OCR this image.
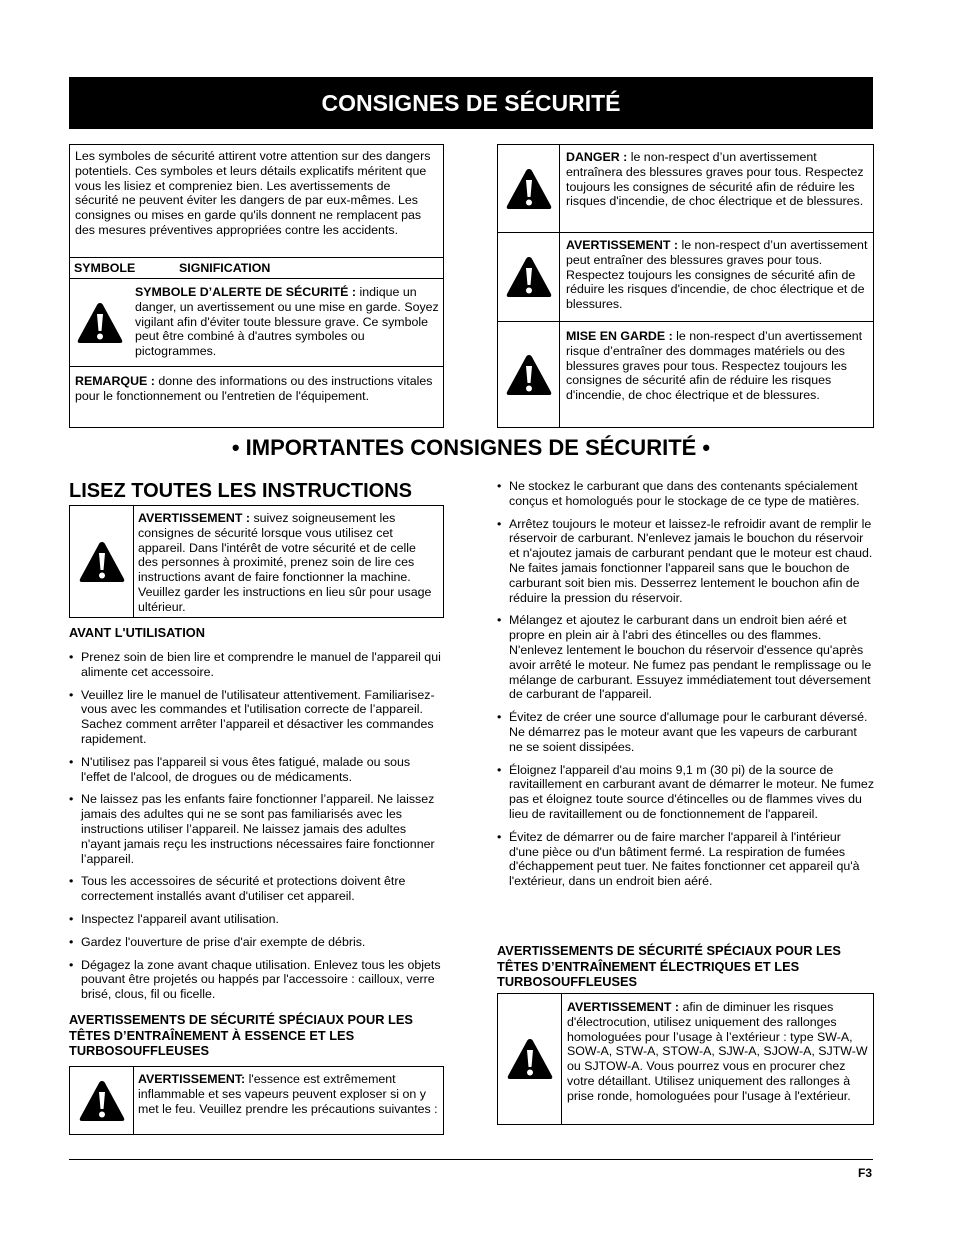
CONSIGNES DE SÉCURITÉ
Les symboles de sécurité attirent votre attention sur des dangers potentiels. Ces symboles et leurs détails explicatifs méritent que vous les lisiez et compreniez bien. Les avertissements de sécurité ne peuvent éviter les dangers de par eux-mêmes. Les consignes ou mises en garde qu'ils donnent ne remplacent pas des mesures préventives appropriées contre les accidents.
SYMBOLE	SIGNIFICATION
SYMBOLE D’ALERTE DE SÉCURITÉ : indique un danger, un avertissement ou une mise en garde. Soyez vigilant afin d'éviter toute blessure grave. Ce symbole peut être combiné à d'autres symboles ou pictogrammes.
REMARQUE : donne des informations ou des instructions vitales pour le fonctionnement ou l'entretien de l'équipement.
DANGER : le non-respect d’un avertissement entraînera des blessures graves pour tous. Respectez toujours les consignes de sécurité afin de réduire les risques d'incendie, de choc électrique et de blessures.
AVERTISSEMENT : le non-respect d’un avertissement peut entraîner des blessures graves pour tous. Respectez toujours les consignes de sécurité afin de réduire les risques d'incendie, de choc électrique et de blessures.
MISE EN GARDE : le non-respect d’un avertissement risque d’entraîner des dommages matériels ou des blessures graves pour tous. Respectez toujours les consignes de sécurité afin de réduire les risques d'incendie, de choc électrique et de blessures.
• IMPORTANTES CONSIGNES DE SÉCURITÉ •
LISEZ TOUTES LES INSTRUCTIONS
AVERTISSEMENT : suivez soigneusement les consignes de sécurité lorsque vous utilisez cet appareil. Dans l'intérêt de votre sécurité et de celle des personnes à proximité, prenez soin de lire ces instructions avant de faire fonctionner la machine. Veuillez garder les instructions en lieu sûr pour usage ultérieur.
AVANT L'UTILISATION
• Prenez soin de bien lire et comprendre le manuel de l'appareil qui alimente cet accessoire.
• Veuillez lire le manuel de l'utilisateur attentivement. Familiarisez-vous avec les commandes et l'utilisation correcte de l’appareil. Sachez comment arrêter l’appareil et désactiver les commandes rapidement.
• N'utilisez pas l'appareil si vous êtes fatigué, malade ou sous l'effet de l'alcool, de drogues ou de médicaments.
• Ne laissez pas les enfants faire fonctionner l’appareil. Ne laissez jamais des adultes qui ne se sont pas familiarisés avec les instructions utiliser l’appareil. Ne laissez jamais des adultes n'ayant jamais reçu les instructions nécessaires faire fonctionner l’appareil.
• Tous les accessoires de sécurité et protections doivent être correctement installés avant d'utiliser cet appareil.
• Inspectez l'appareil avant utilisation.
• Gardez l'ouverture de prise d'air exempte de débris.
• Dégagez la zone avant chaque utilisation. Enlevez tous les objets pouvant être projetés ou happés par l'accessoire : cailloux, verre brisé, clous, fil ou ficelle.
AVERTISSEMENTS DE SÉCURITÉ SPÉCIAUX POUR LES TÊTES D’ENTRAÎNEMENT À ESSENCE ET LES TURBOSOUFFLEUSES
AVERTISSEMENT: l'essence est extrêmement inflammable et ses vapeurs peuvent exploser si on y met le feu. Veuillez prendre les précautions suivantes :
• Ne stockez le carburant que dans des contenants spécialement conçus et homologués pour le stockage de ce type de matières.
• Arrêtez toujours le moteur et laissez-le refroidir avant de remplir le réservoir de carburant. N'enlevez jamais le bouchon du réservoir et n'ajoutez jamais de carburant pendant que le moteur est chaud. Ne faites jamais fonctionner l'appareil sans que le bouchon de carburant soit bien mis. Desserrez lentement le bouchon afin de réduire la pression du réservoir.
• Mélangez et ajoutez le carburant dans un endroit bien aéré et propre en plein air à l'abri des étincelles ou des flammes. N'enlevez lentement le bouchon du réservoir d'essence qu'après avoir arrêté le moteur. Ne fumez pas pendant le remplissage ou le mélange de carburant. Essuyez immédiatement tout déversement de carburant de l'appareil.
• Évitez de créer une source d'allumage pour le carburant déversé. Ne démarrez pas le moteur avant que les vapeurs de carburant ne se soient dissipées.
• Éloignez l'appareil d'au moins 9,1 m (30 pi) de la source de ravitaillement en carburant avant de démarrer le moteur. Ne fumez pas et éloignez toute source d'étincelles ou de flammes vives du lieu de ravitaillement ou de fonctionnement de l'appareil.
• Évitez de démarrer ou de faire marcher l'appareil à l'intérieur d'une pièce ou d'un bâtiment fermé. La respiration de fumées d'échappement peut tuer. Ne faites fonctionner cet appareil qu'à l'extérieur, dans un endroit bien aéré.
AVERTISSEMENTS DE SÉCURITÉ SPÉCIAUX POUR LES TÊTES D’ENTRAÎNEMENT ÉLECTRIQUES ET LES TURBOSOUFFLEUSES
AVERTISSEMENT : afin de diminuer les risques d'électrocution, utilisez uniquement des rallonges homologuées pour l’usage à l’extérieur : type SW-A, SOW-A, STW-A, STOW-A, SJW-A, SJOW-A, SJTW-W ou SJTOW-A. Vous pourrez vous en procurer chez votre détaillant. Utilisez uniquement des rallonges à prise ronde, homologuées pour l'usage à l'extérieur.
F3
